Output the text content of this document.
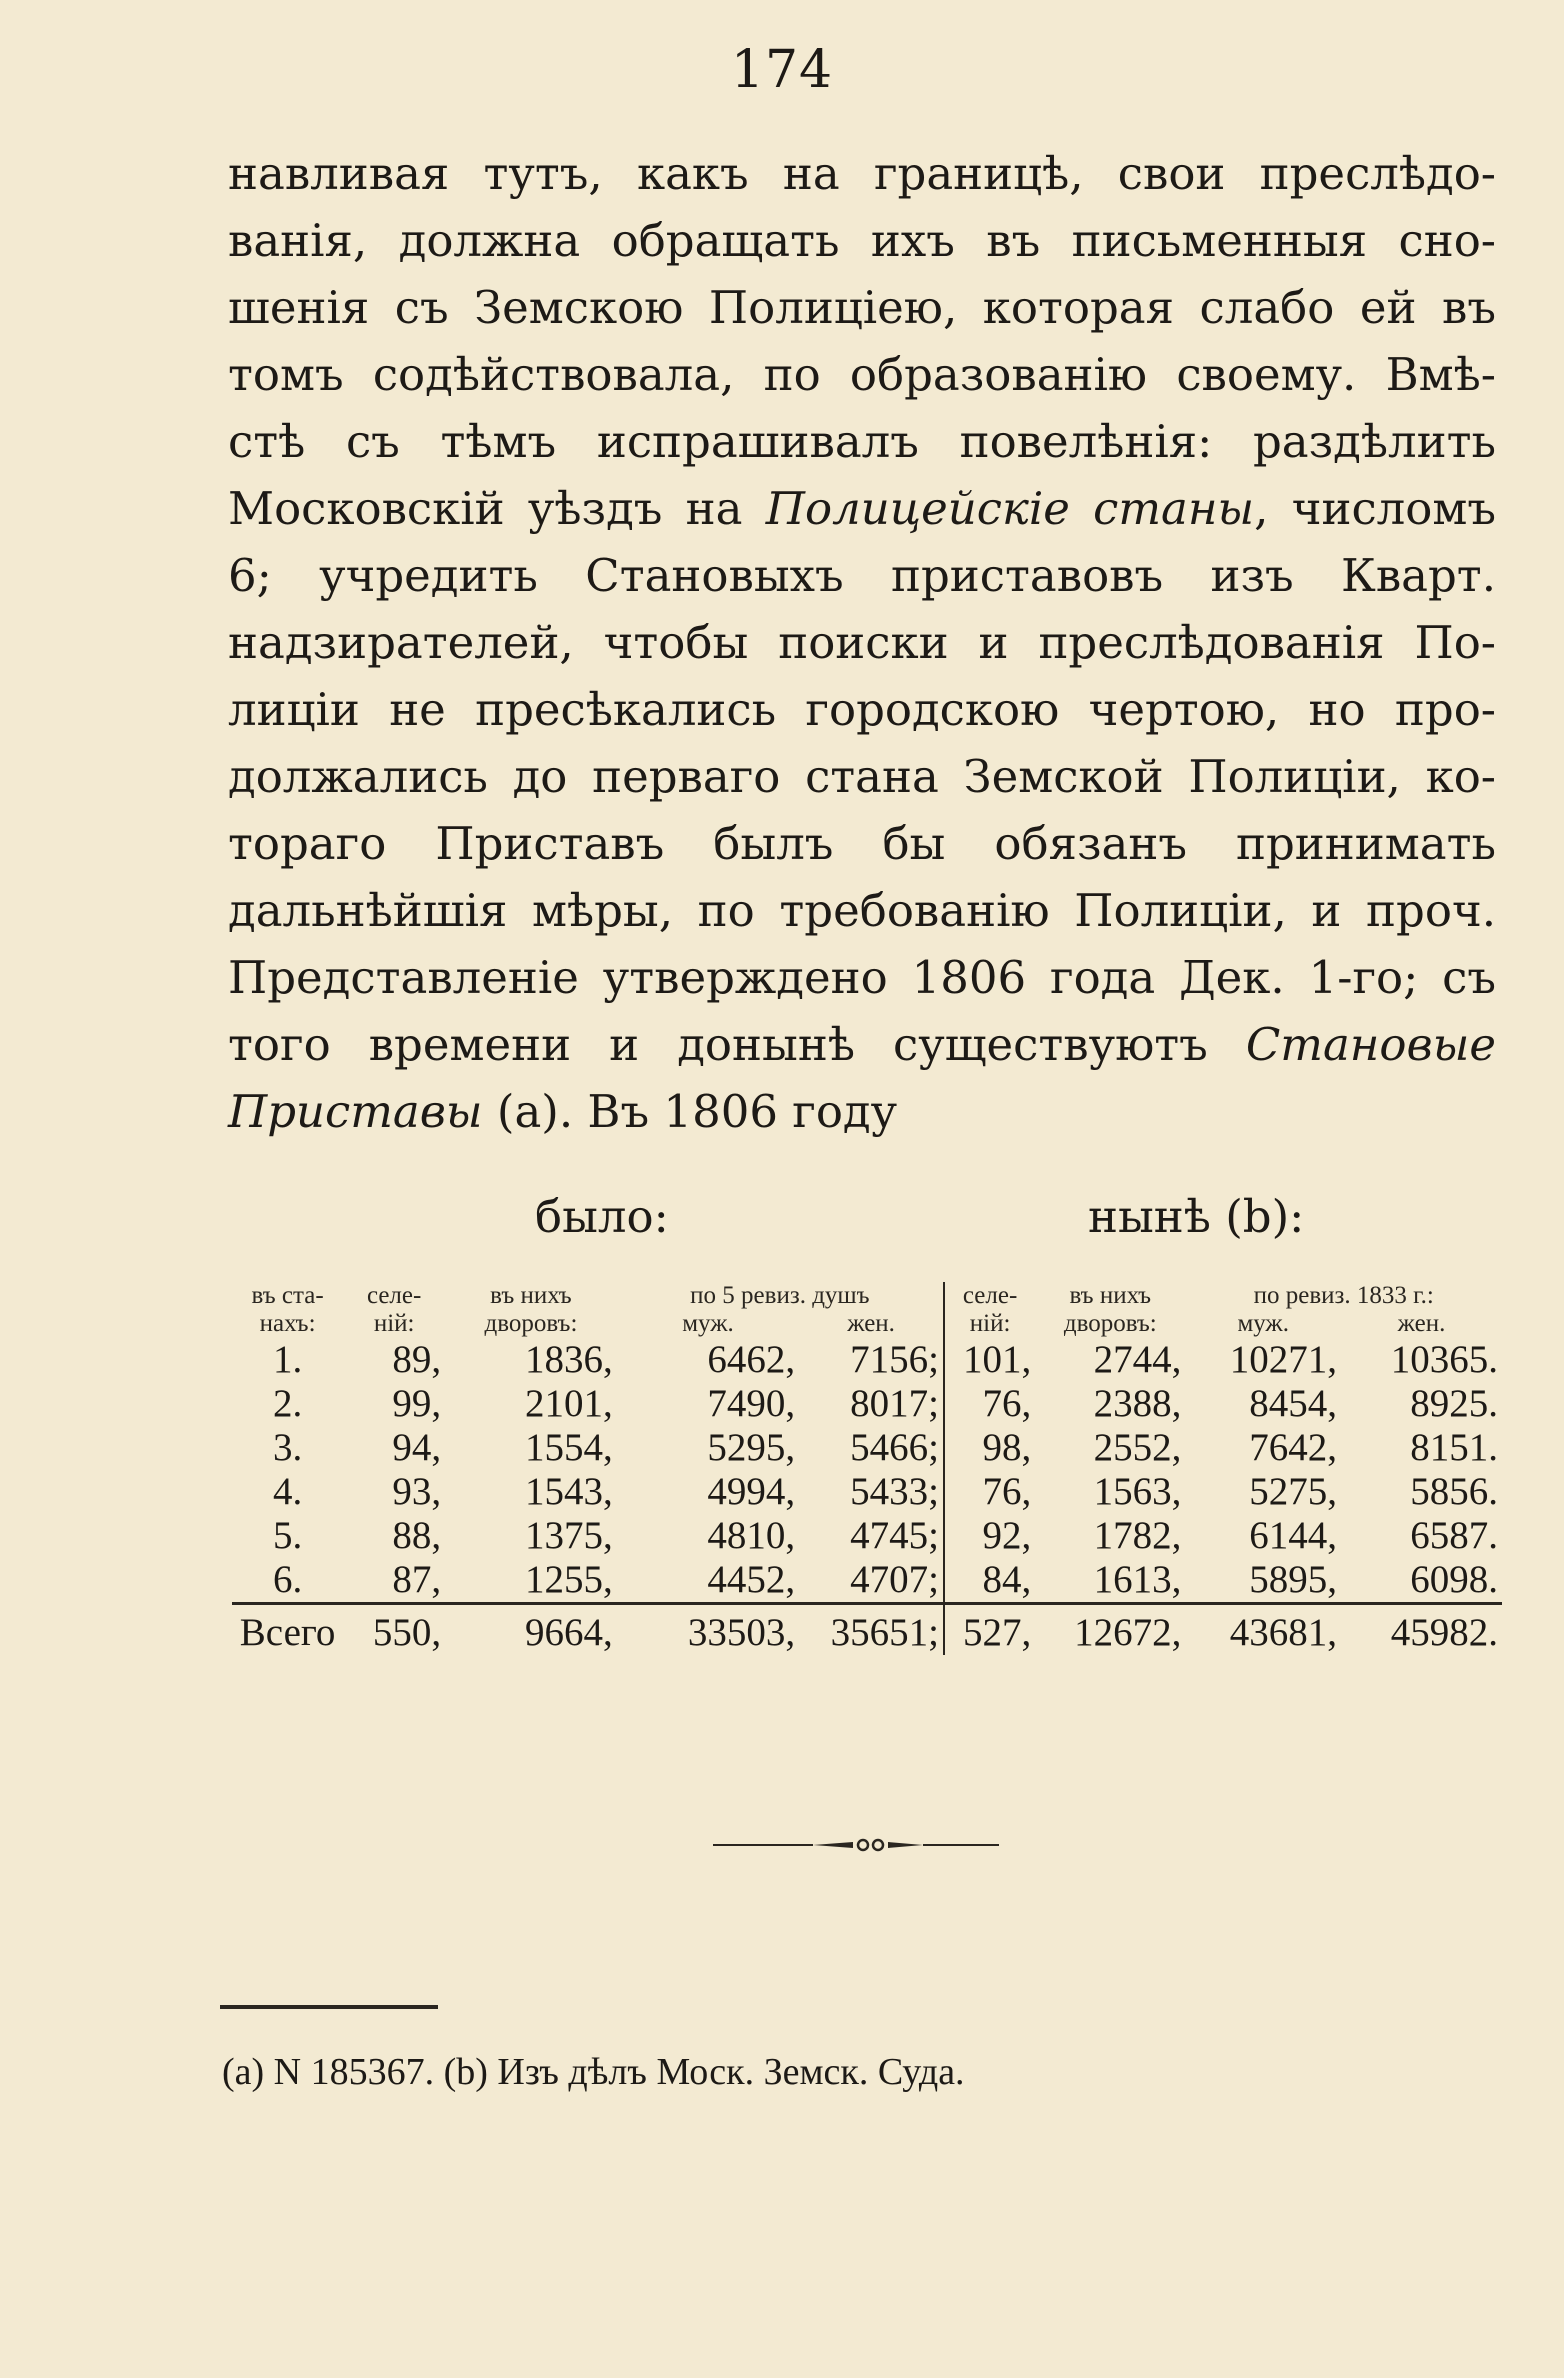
174
навливая тутъ, какъ на границѣ, свои преслѣдо-
ванія, должна обращать ихъ въ письменныя сно-
шенія съ Земскою Полиціею, которая слабо ей въ
томъ содѣйствовала, по образованію своему. Вмѣ-
стѣ съ тѣмъ испрашивалъ повелѣнія: раздѣлить
Московскій уѣздъ на Полицейскіе станы, числомъ
6; учредить Становыхъ приставовъ изъ Кварт.
надзирателей, чтобы поиски и преслѣдованія По-
лиціи не пресѣкались городскою чертою, но про-
должались до перваго стана Земской Полиціи, ко-
тораго Приставъ былъ бы обязанъ принимать
дальнѣйшія мѣры, по требованію Полиціи, и проч.
Представленіе утверждено 1806 года Дек. 1-го; съ
того времени и донынѣ существуютъ Становые
Приставы (а). Въ 1806 году
было:	нынѣ (b):
въ ста-	селе-	въ нихъ	по 5 ревиз. душъ		селе-	въ нихъ	по ревиз. 1833 г.:	
нахъ:	ній:	дворовъ:	муж.	жен.	ній:	дворовъ:	муж.	жен.
1.	89,	1836,	6462,	7156;	101,	2744,	10271,	10365.
2.	99,	2101,	7490,	8017;	76,	2388,	8454,	8925.
3.	94,	1554,	5295,	5466;	98,	2552,	7642,	8151.
4.	93,	1543,	4994,	5433;	76,	1563,	5275,	5856.
5.	88,	1375,	4810,	4745;	92,	1782,	6144,	6587.
6.	87,	1255,	4452,	4707;	84,	1613,	5895,	6098.
Всего	550,	9664,	33503,	35651;	527,	12672,	43681,	45982.
(а) N 185367. (b) Изъ дѣлъ Моск. Земск. Суда.
